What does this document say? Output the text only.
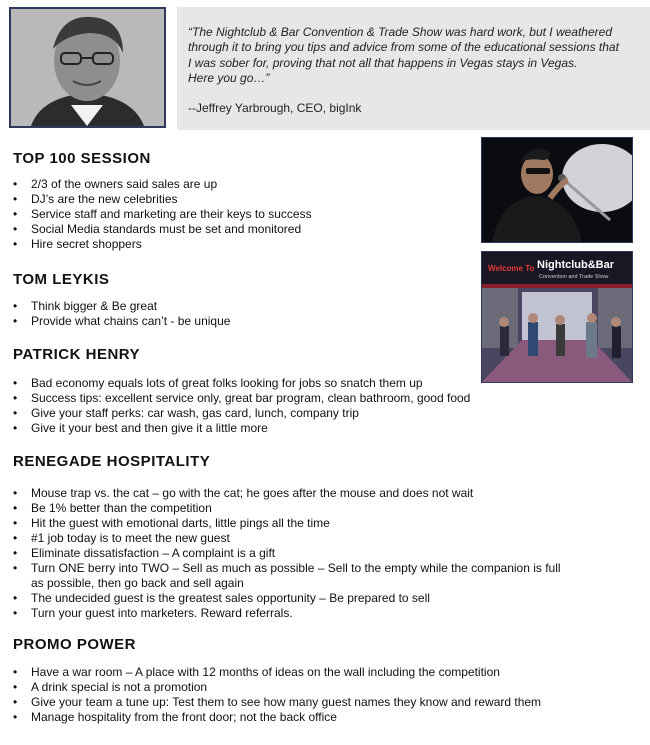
“The Nightclub & Bar Convention & Trade Show was hard work, but I weathered
through it to bring you tips and advice from some of the educational sessions that
I was sober for, proving that not all that happens in Vegas stays in Vegas.
Here you go…”

--Jeffrey Yarbrough, CEO, bigInk
Welcome To Nightclub&Bar
Convention and Trade Show
TOP 100 SESSION
• 2/3 of the owners said sales are up
• DJ’s are the new celebrities
• Service staff and marketing are their keys to success
• Social Media standards must be set and monitored
• Hire secret shoppers
TOM LEYKIS
• Think bigger & Be great
• Provide what chains can’t - be unique
PATRICK HENRY
• Bad economy equals lots of great folks looking for jobs so snatch them up
• Success tips: excellent service only, great bar program, clean bathroom, good food
• Give your staff perks: car wash, gas card, lunch, company trip
• Give it your best and then give it a little more
RENEGADE HOSPITALITY
• Mouse trap vs. the cat – go with the cat; he goes after the mouse and does not wait
• Be 1% better than the competition
• Hit the guest with emotional darts, little pings all the time
• #1 job today is to meet the new guest
• Eliminate dissatisfaction – A complaint is a gift
• Turn ONE berry into TWO – Sell as much as possible – Sell to the empty while the companion is full as possible, then go back and sell again
• The undecided guest is the greatest sales opportunity – Be prepared to sell
• Turn your guest into marketers. Reward referrals.
PROMO POWER
• Have a war room – A place with 12 months of ideas on the wall including the competition
• A drink special is not a promotion
• Give your team a tune up: Test them to see how many guest names they know and reward them
• Manage hospitality from the front door; not the back office
